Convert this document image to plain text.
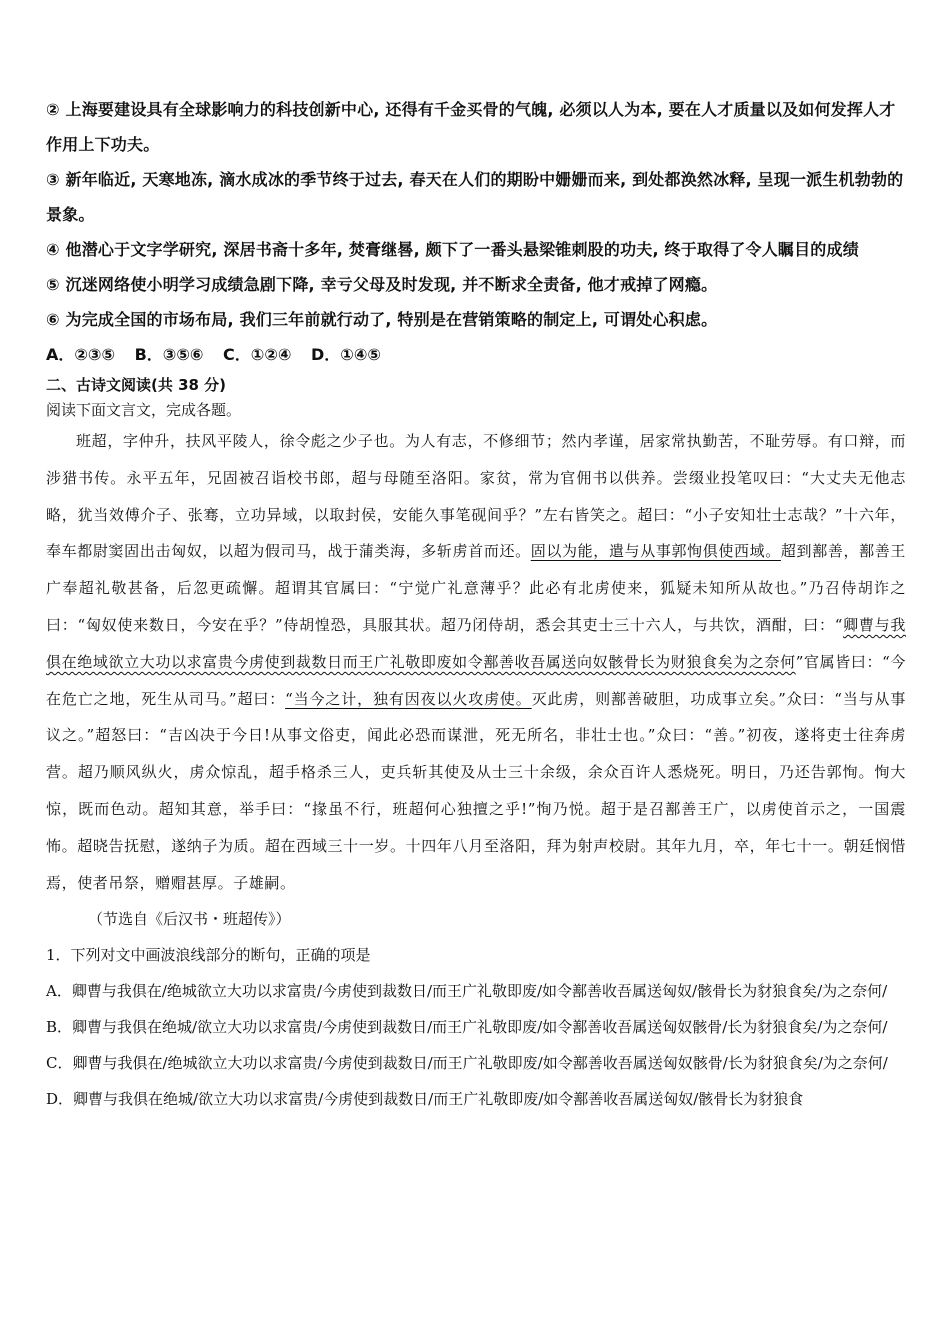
② 上海要建设具有全球影响力的科技创新中心, 还得有千金买骨的气魄, 必须以人为本, 要在人才质量以及如何发挥人才作用上下功夫。

③ 新年临近, 天寒地冻, 滴水成冰的季节终于过去, 春天在人们的期盼中姗姗而来, 到处都涣然冰释, 呈现一派生机勃勃的景象。

④ 他潜心于文字学研究, 深居书斋十多年, 焚膏继晷, 颇下了一番头悬梁锥刺股的功夫, 终于取得了令人瞩目的成绩

⑤ 沉迷网络使小明学习成绩急剧下降, 幸亏父母及时发现, 并不断求全责备, 他才戒掉了网瘾。

⑥ 为完成全国的市场布局, 我们三年前就行动了, 特别是在营销策略的制定上, 可谓处心积虑。

A．②③⑤ B．③⑤⑥ C．①②④ D．①④⑤

二、古诗文阅读(共 38 分)

阅读下面文言文，完成各题。

班超，字仲升，扶风平陵人，徐令彪之少子也。为人有志，不修细节；然内孝谨，居家常执勤苦，不耻劳辱。有口辩，而涉猎书传。永平五年，兄固被召诣校书郎，超与母随至洛阳。家贫，常为官佣书以供养。尝缀业投笔叹曰：“大丈夫无他志略，犹当效傅介子、张骞，立功异域，以取封侯，安能久事笔砚间乎？”左右皆笑之。超曰：“小子安知壮士志哉？”十六年，奉车都尉窦固出击匈奴，以超为假司马，战于蒲类海，多斩虏首而还。固以为能，遣与从事郭恂俱使西域。超到鄯善，鄯善王广奉超礼敬甚备，后忽更疏懈。超谓其官属曰：“宁觉广礼意薄乎？此必有北虏使来，狐疑未知所从故也。”乃召侍胡诈之曰：“匈奴使来数日，今安在乎？”侍胡惶恐，具服其状。超乃闭侍胡，悉会其吏士三十六人，与共饮，酒酣，曰：“卿曹与我俱在绝域欲立大功以求富贵今虏使到裁数日而王广礼敬即废如令鄯善收吾属送向奴骸骨长为财狼食矣为之奈何”官属皆曰：“今在危亡之地，死生从司马。”超曰：“当今之计，独有因夜以火攻虏使。灭此虏，则鄯善破胆，功成事立矣。”众曰：“当与从事议之。”超怒曰：“吉凶决于今日!从事文俗吏，闻此必恐而谋泄，死无所名，非壮士也。”众曰：“善。”初夜，遂将吏士往奔虏营。超乃顺风纵火，虏众惊乱，超手格杀三人，吏兵斩其使及从士三十余级，余众百许人悉烧死。明日，乃还告郭恂。恂大惊，既而色动。超知其意，举手曰：“掾虽不行，班超何心独擅之乎!”恂乃悦。超于是召鄯善王广，以虏使首示之，一国震怖。超晓告抚慰，遂纳子为质。超在西域三十一岁。十四年八月至洛阳，拜为射声校尉。其年九月，卒，年七十一。朝廷悯惜焉，使者吊祭，赠赗甚厚。子雄嗣。

（节选自《后汉书・班超传》）

1．下列对文中画波浪线部分的断句，正确的项是

A．卿曹与我俱在/绝城欲立大功以求富贵/今虏使到裁数日/而王广礼敬即废/如令鄯善收吾属送匈奴/骸骨长为豺狼食矣/为之奈何/

B．卿曹与我俱在绝城/欲立大功以求富贵/今虏使到裁数日/而王广礼敬即废/如令鄯善收吾属送匈奴骸骨/长为豺狼食矣/为之奈何/

C．卿曹与我俱在/绝城欲立大功以求富贵/今虏使到裁数日/而王广礼敬即废/如令鄯善收吾属送匈奴骸骨/长为豺狼食矣/为之奈何/

D．卿曹与我俱在绝城/欲立大功以求富贵/今虏使到裁数日/而王广礼敬即废/如令鄯善收吾属送匈奴/骸骨长为豺狼食
